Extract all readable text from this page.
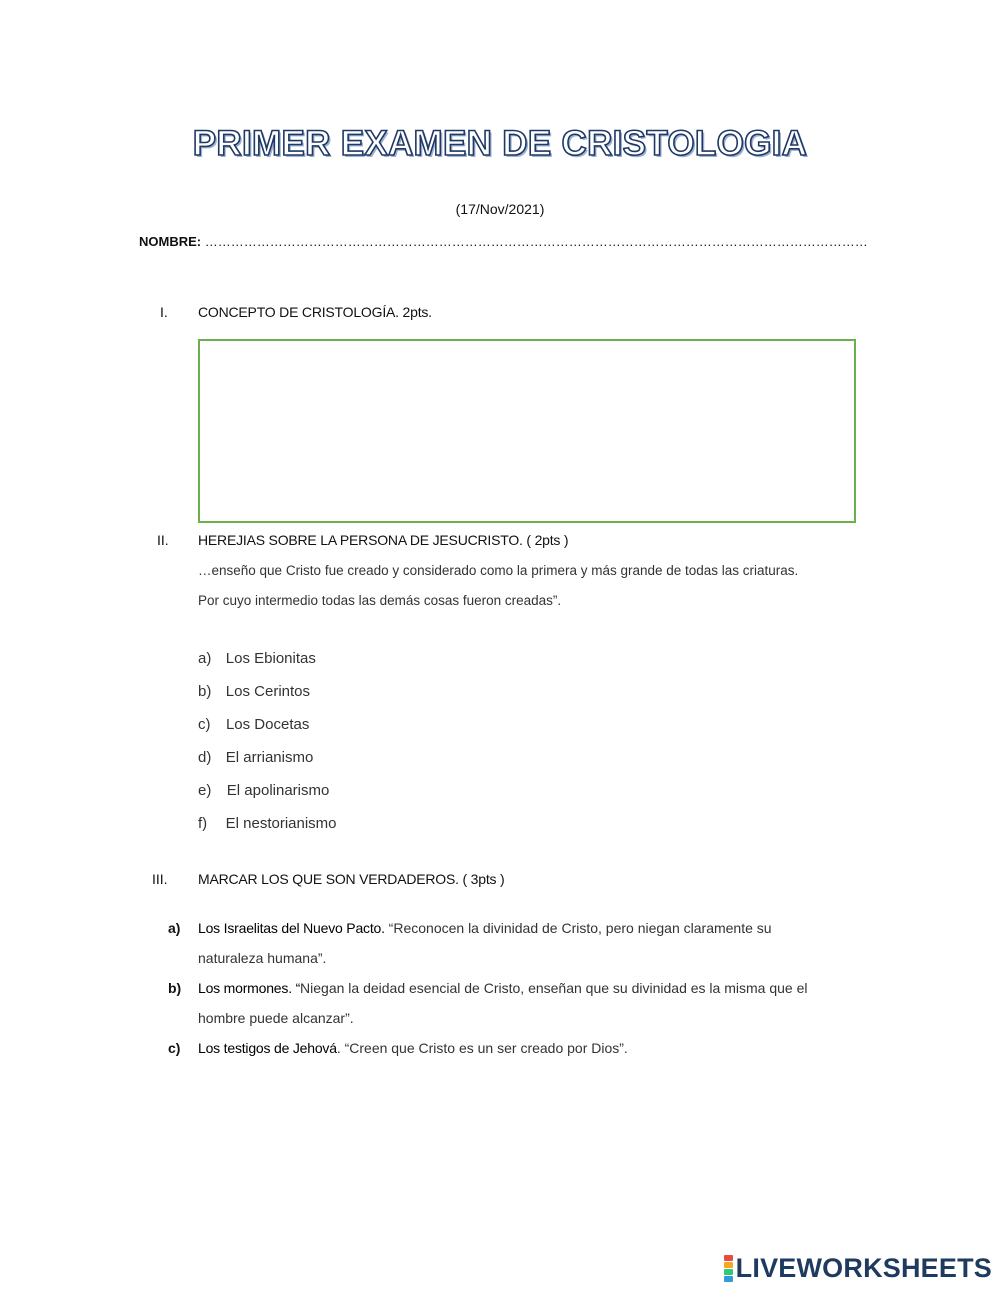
PRIMER EXAMEN DE CRISTOLOGIA
(17/Nov/2021)
NOMBRE: ………………………………………………………………………………………………………………………………………
I. CONCEPTO DE CRISTOLOGÍA. 2pts.
II. HEREJIAS SOBRE LA PERSONA DE JESUCRISTO. ( 2pts )
…enseño que Cristo fue creado y considerado como la primera y más grande de todas las criaturas.
Por cuyo intermedio todas las demás cosas fueron creadas”.
a) Los Ebionitas
b) Los Cerintos
c) Los Docetas
d) El arrianismo
e) El apolinarismo
f) El nestorianismo
III. MARCAR LOS QUE SON VERDADEROS. ( 3pts )
a) Los Israelitas del Nuevo Pacto. “Reconocen la divinidad de Cristo, pero niegan claramente su
naturaleza humana”.
b) Los mormones. “Niegan la deidad esencial de Cristo, enseñan que su divinidad es la misma que el
hombre puede alcanzar”.
c) Los testigos de Jehová. “Creen que Cristo es un ser creado por Dios”.
LIVEWORKSHEETS
